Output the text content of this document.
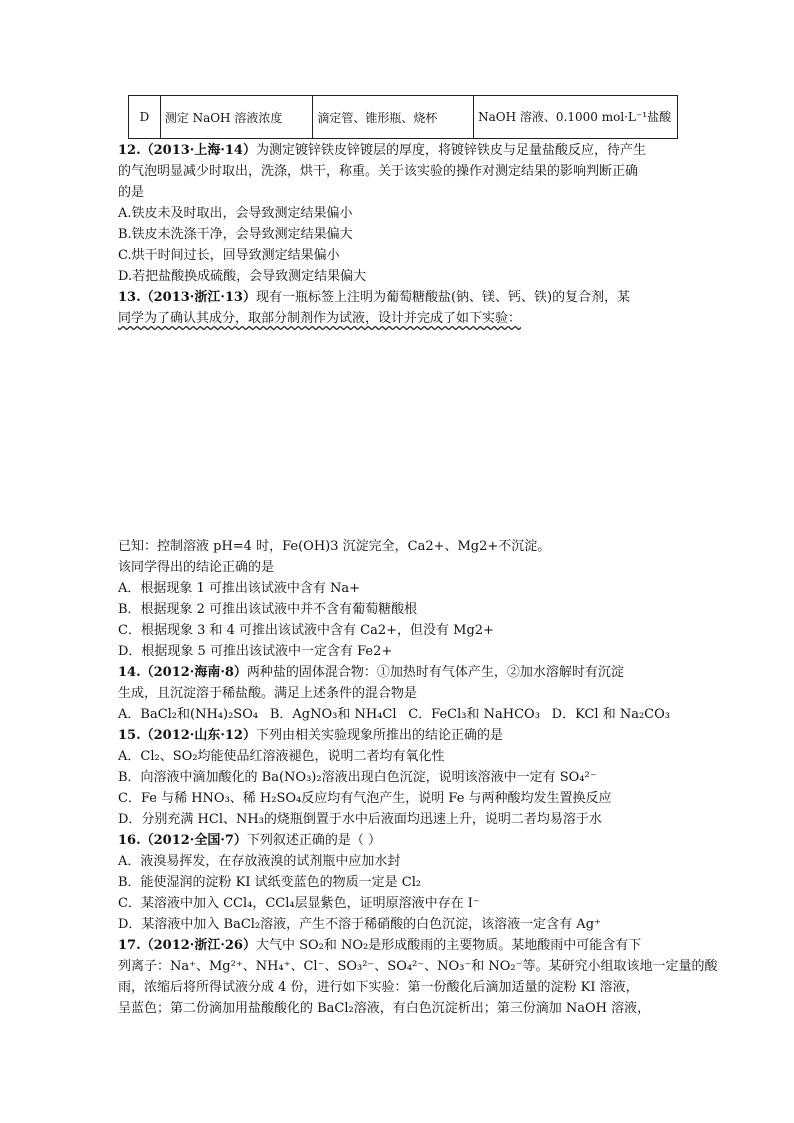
D	测定 NaOH 溶液浓度	滴定管、锥形瓶、烧杯	NaOH 溶液、0.1000 mol·L⁻¹盐酸
12.（2013·上海·14）为测定镀锌铁皮锌镀层的厚度，将镀锌铁皮与足量盐酸反应，待产生
的气泡明显减少时取出，洗涤，烘干，称重。关于该实验的操作对测定结果的影响判断正确
的是
A.铁皮未及时取出，会导致测定结果偏小
B.铁皮未洗涤干净，会导致测定结果偏大
C.烘干时间过长，回导致测定结果偏小
D.若把盐酸换成硫酸，会导致测定结果偏大
13.（2013·浙江·13）现有一瓶标签上注明为葡萄糖酸盐(钠、镁、钙、铁)的复合剂，某
同学为了确认其成分，取部分制剂作为试液，设计并完成了如下实验：
已知：控制溶液 pH=4 时，Fe(OH)3 沉淀完全，Ca2+、Mg2+不沉淀。
该同学得出的结论正确的是
A．根据现象 1 可推出该试液中含有 Na+
B．根据现象 2 可推出该试液中并不含有葡萄糖酸根
C．根据现象 3 和 4 可推出该试液中含有 Ca2+，但没有 Mg2+
D．根据现象 5 可推出该试液中一定含有 Fe2+
14.（2012·海南·8）两种盐的固体混合物：①加热时有气体产生，②加水溶解时有沉淀
生成，且沉淀溶于稀盐酸。满足上述条件的混合物是
A．BaCl₂和(NH₄)₂SO₄ B．AgNO₃和 NH₄Cl C．FeCl₃和 NaHCO₃ D．KCl 和 Na₂CO₃
15.（2012·山东·12）下列由相关实验现象所推出的结论正确的是
A．Cl₂、SO₂均能使品红溶液褪色，说明二者均有氧化性
B．向溶液中滴加酸化的 Ba(NO₃)₂溶液出现白色沉淀，说明该溶液中一定有 SO₄²⁻
C．Fe 与稀 HNO₃、稀 H₂SO₄反应均有气泡产生，说明 Fe 与两种酸均发生置换反应
D．分别充满 HCl、NH₃的烧瓶倒置于水中后液面均迅速上升，说明二者均易溶于水
16.（2012·全国·7）下列叙述正确的是（ ）
A．液溴易挥发，在存放液溴的试剂瓶中应加水封
B．能使湿润的淀粉 KI 试纸变蓝色的物质一定是 Cl₂
C．某溶液中加入 CCl₄，CCl₄层显紫色，证明原溶液中存在 I⁻
D．某溶液中加入 BaCl₂溶液，产生不溶于稀硝酸的白色沉淀，该溶液一定含有 Ag⁺
17.（2012·浙江·26）大气中 SO₂和 NO₂是形成酸雨的主要物质。某地酸雨中可能含有下
列离子：Na⁺、Mg²⁺、NH₄⁺、Cl⁻、SO₃²⁻、SO₄²⁻、NO₃⁻和 NO₂⁻等。某研究小组取该地一定量的酸
雨，浓缩后将所得试液分成 4 份，进行如下实验：第一份酸化后滴加适量的淀粉 KI 溶液，
呈蓝色；第二份滴加用盐酸酸化的 BaCl₂溶液，有白色沉淀析出；第三份滴加 NaOH 溶液，
